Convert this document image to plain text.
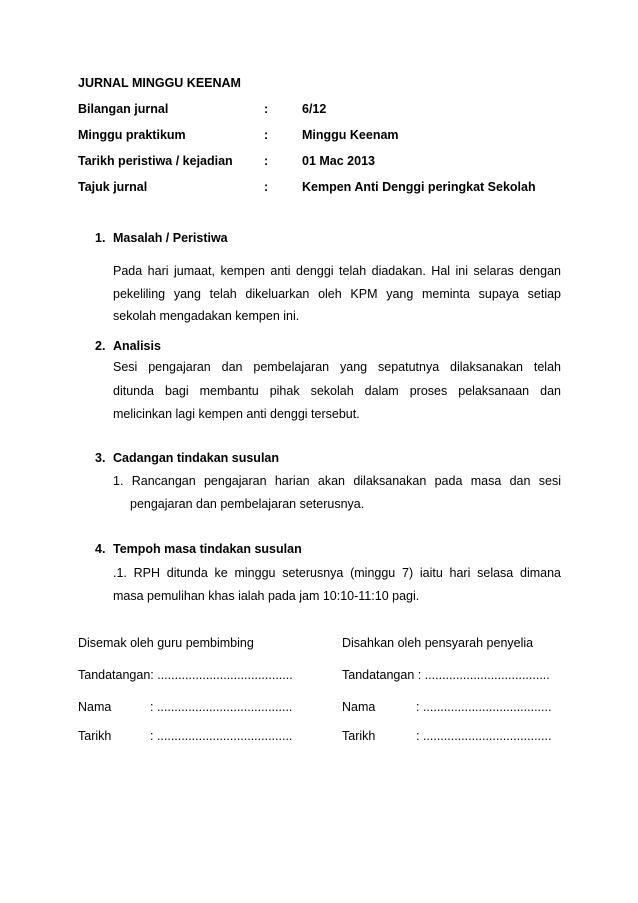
JURNAL MINGGU KEENAM
Bilangan jurnal	:	6/12
Minggu praktikum	:	Minggu Keenam
Tarikh peristiwa / kejadian	:	01 Mac 2013
Tajuk jurnal	:	Kempen Anti Denggi peringkat Sekolah
1. Masalah / Peristiwa
Pada hari jumaat, kempen anti denggi telah diadakan. Hal ini selaras dengan
pekeliling yang telah dikeluarkan oleh KPM yang meminta supaya setiap
sekolah mengadakan kempen ini.
2. Analisis
Sesi pengajaran dan pembelajaran yang sepatutnya dilaksanakan telah
ditunda bagi membantu pihak sekolah dalam proses pelaksanaan dan
melicinkan lagi kempen anti denggi tersebut.
3. Cadangan tindakan susulan
1. Rancangan pengajaran harian akan dilaksanakan pada masa dan sesi
pengajaran dan pembelajaran seterusnya.
4. Tempoh masa tindakan susulan
.1. RPH ditunda ke minggu seterusnya (minggu 7) iaitu hari selasa dimana
masa pemulihan khas ialah pada jam 10:10-11:10 pagi.
Disemak oleh guru pembimbing	Disahkan oleh pensyarah penyelia
Tandatangan: .......................................	Tandatangan : ....................................
Nama	: .......................................	Nama	: .....................................
Tarikh	: .......................................	Tarikh	: .....................................
